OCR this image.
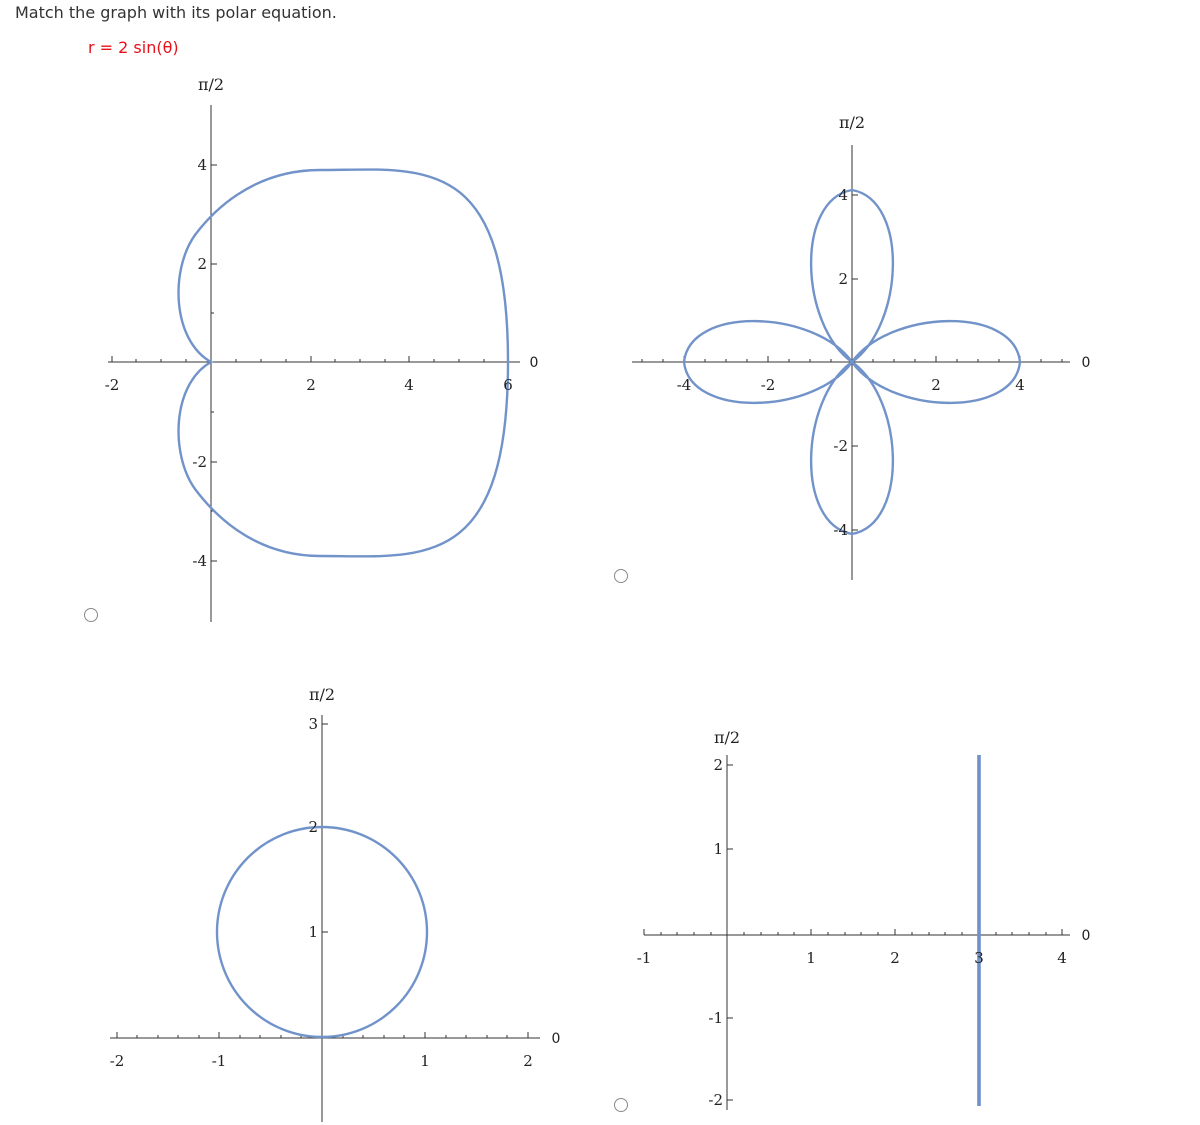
Match the graph with its polar equation.
r = 2 sin(θ)
π/2
0
-2	2	4	6
4
2
-2
-4
π/2
0
-4	-2	2	4
4
2
-2
-4
π/2
0
-2	-1	1	2
3
2
1
π/2
0
-1	1	2	3	4
2
1
-1
-2
